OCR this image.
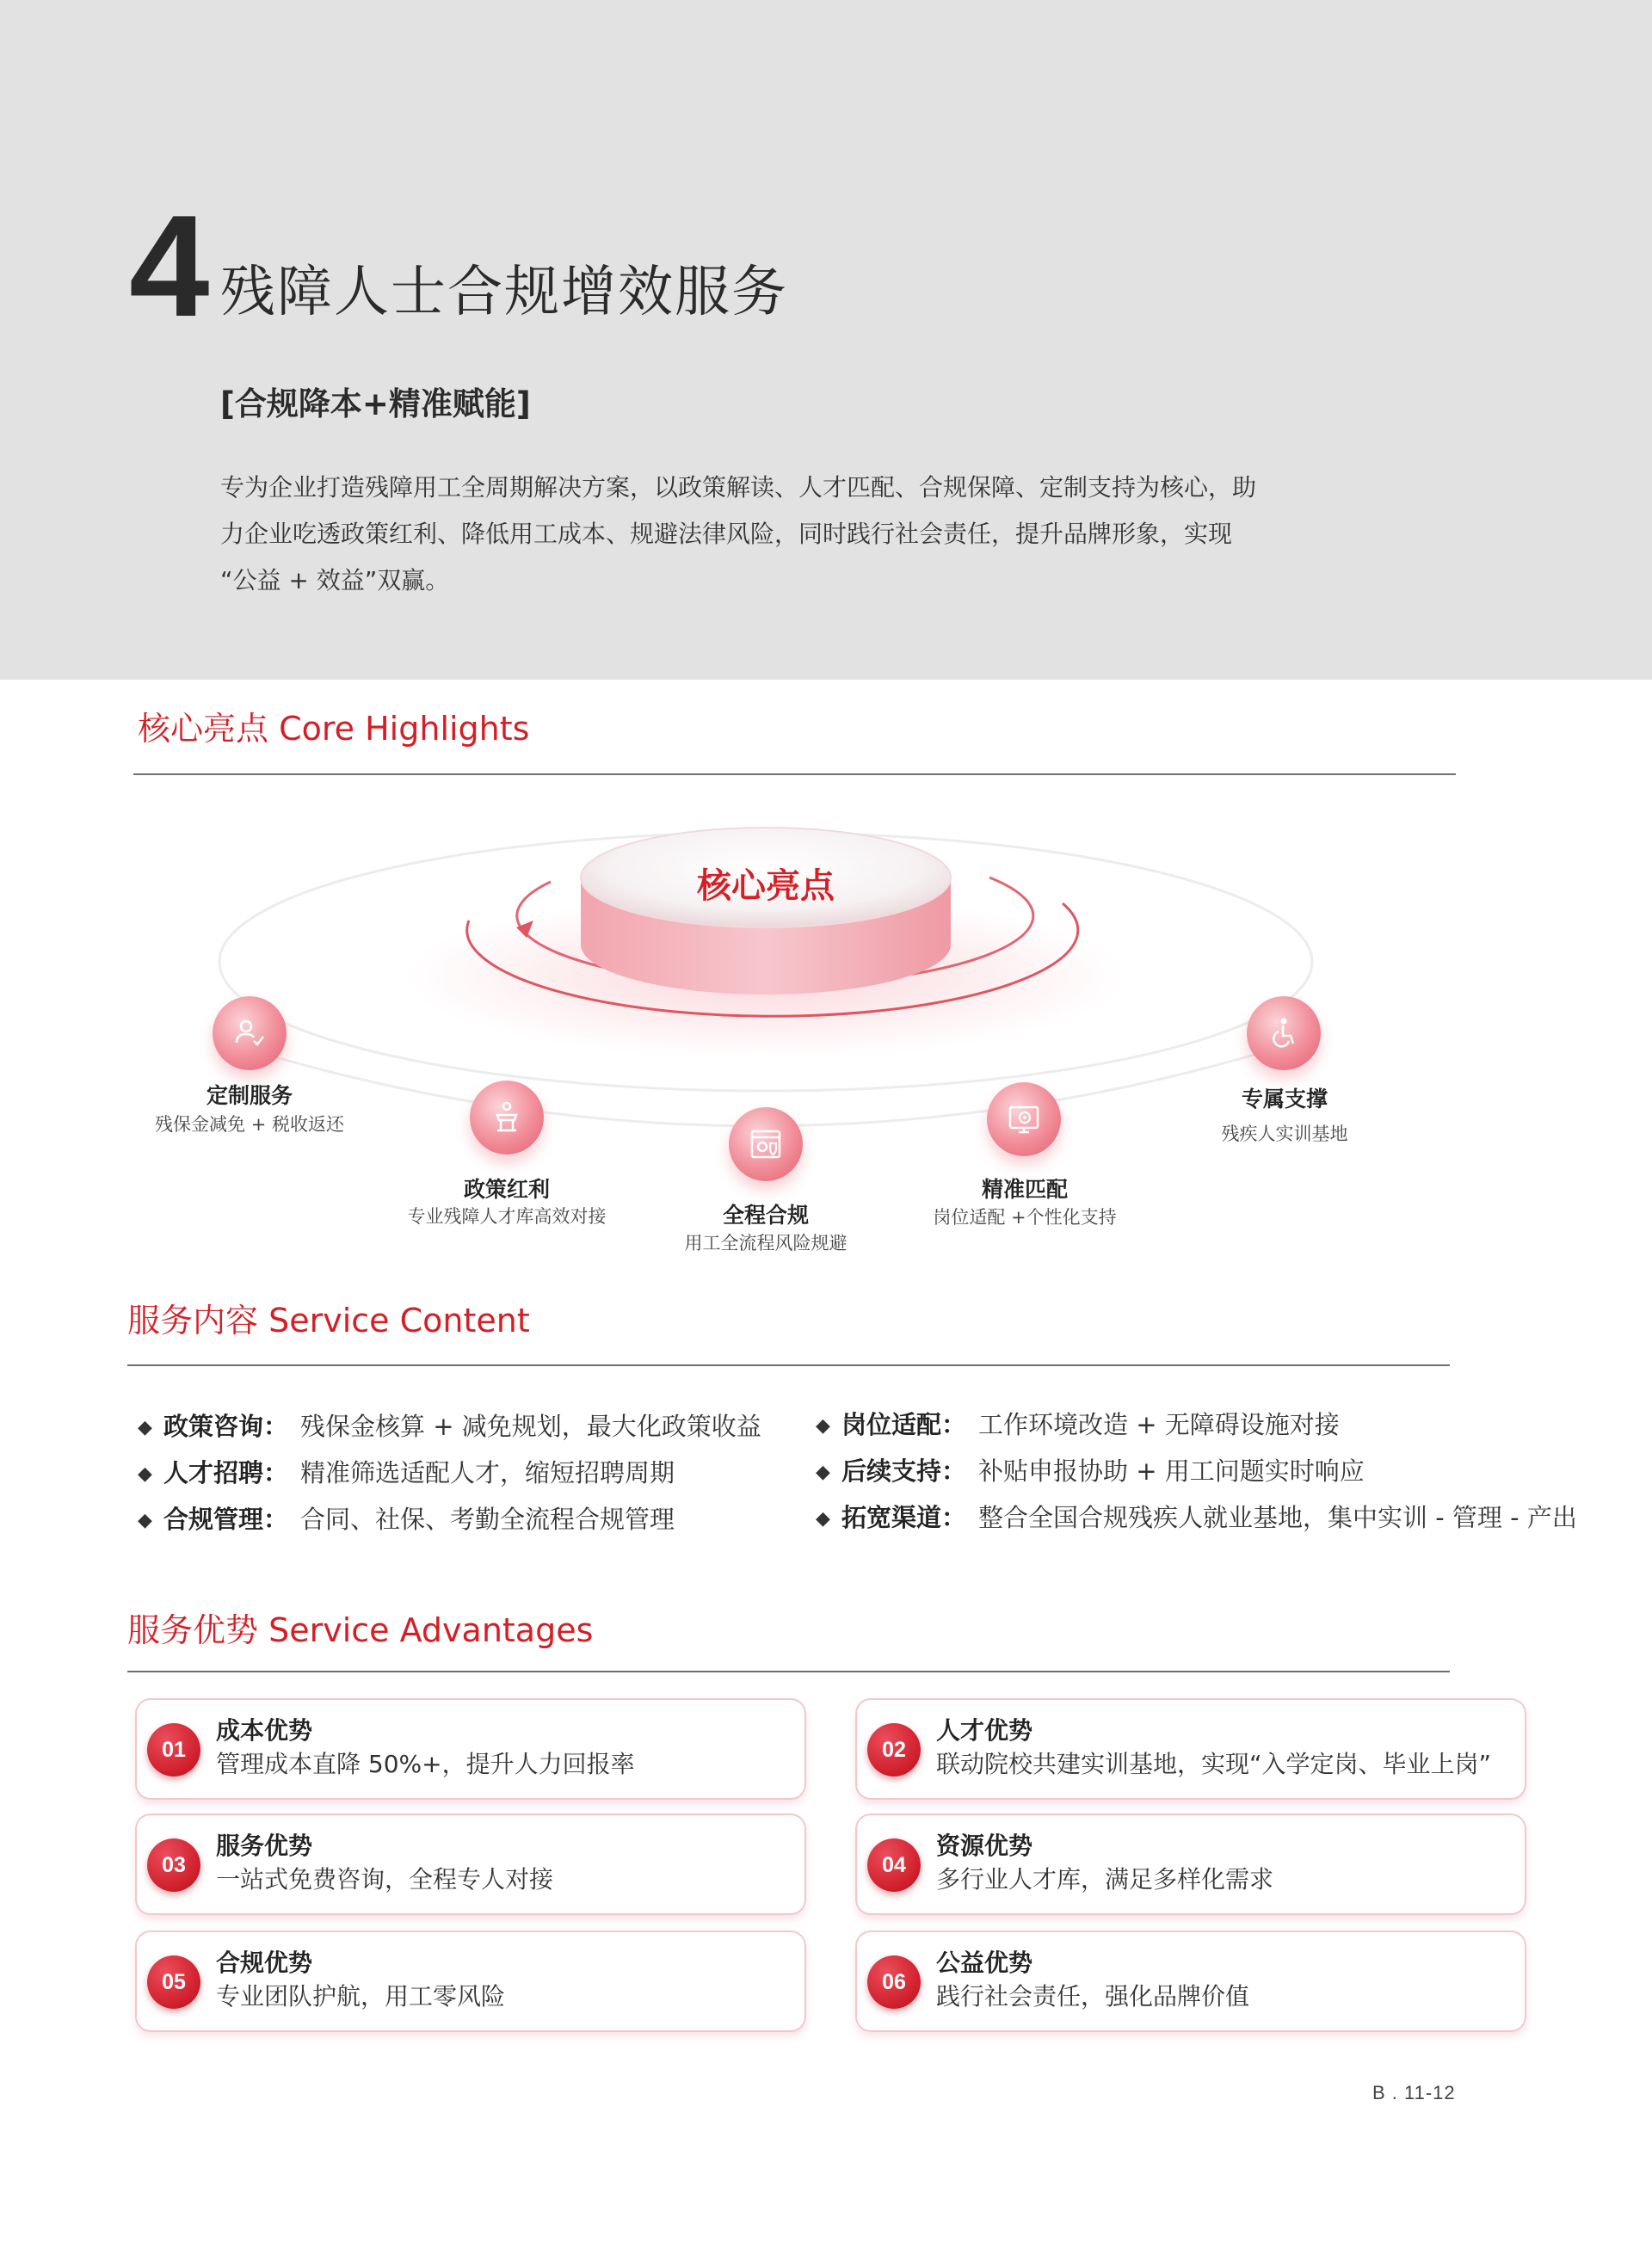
4 残障人士合规增效服务
[合规降本+精准赋能]
专为企业打造残障用工全周期解决方案，以政策解读、人才匹配、合规保障、定制支持为核心，助
力企业吃透政策红利、降低用工成本、规避法律风险，同时践行社会责任，提升品牌形象，实现
“公益 + 效益”双赢。
核心亮点 Core Highlights
核心亮点
定制服务
残保金减免 + 税收返还
政策红利
专业残障人才库高效对接	全程合规
用工全流程风险规避
精准匹配
岗位适配 +个性化支持
专属支撑
残疾人实训基地
服务内容 Service Content
◆ 政策咨询： 残保金核算 + 减免规划，最大化政策收益
◆ 人才招聘： 精准筛选适配人才，缩短招聘周期
◆ 合规管理： 合同、社保、考勤全流程合规管理
◆ 岗位适配： 工作环境改造 + 无障碍设施对接
◆ 后续支持： 补贴申报协助 + 用工问题实时响应
◆ 拓宽渠道： 整合全国合规残疾人就业基地，集中实训 - 管理 - 产出
服务优势 Service Advantages
01
成本优势
管理成本直降 50%+，提升人力回报率	02
人才优势
联动院校共建实训基地，实现“入学定岗、毕业上岗”
03
服务优势
一站式免费咨询，全程专人对接	04
资源优势
多行业人才库，满足多样化需求
05
合规优势
专业团队护航，用工零风险	06
公益优势
践行社会责任，强化品牌价值
B . 11-12
